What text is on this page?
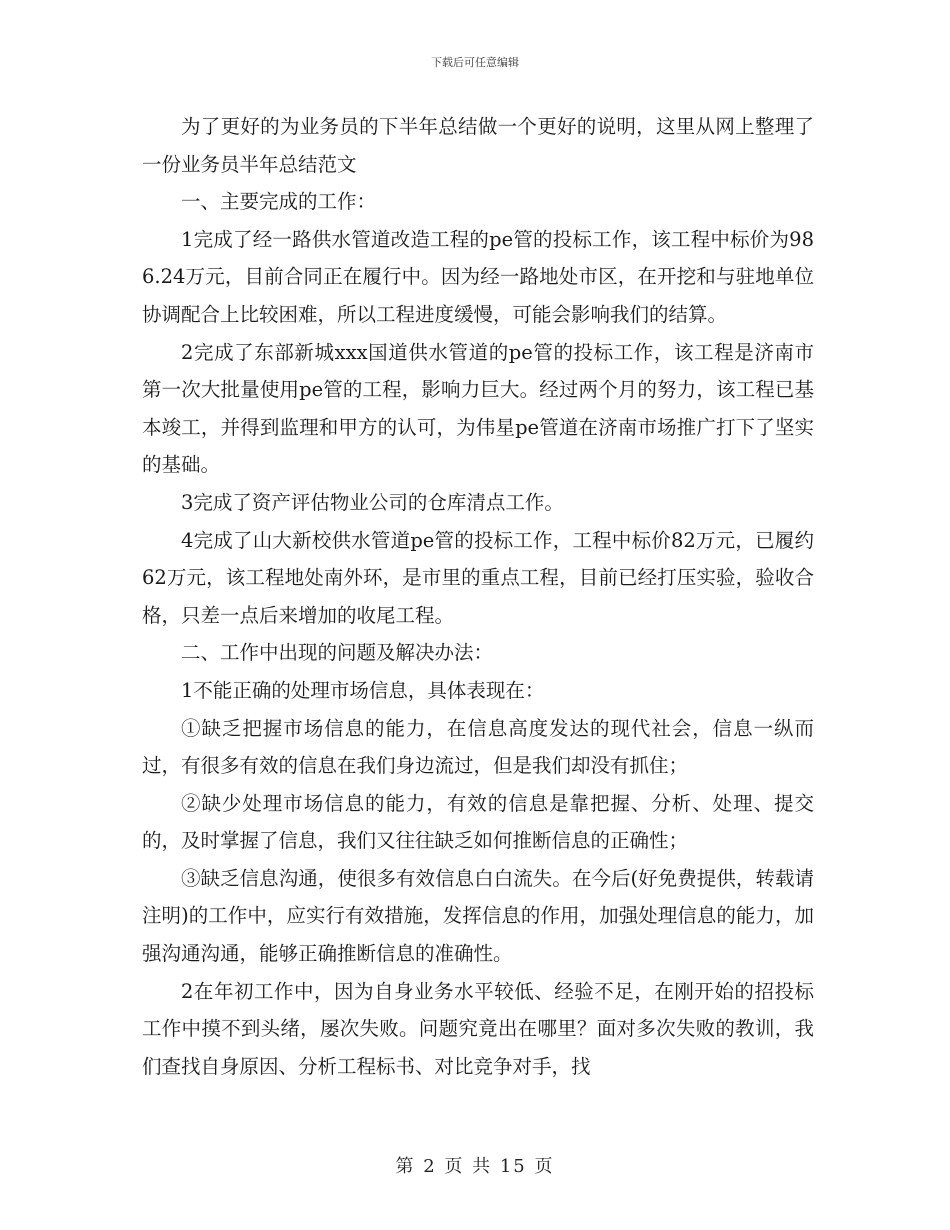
下载后可任意编辑

为了更好的为业务员的下半年总结做一个更好的说明，这里从网上整理了一份业务员半年总结范文

一、主要完成的工作：

1完成了经一路供水管道改造工程的pe管的投标工作，该工程中标价为986.24万元，目前合同正在履行中。因为经一路地处市区，在开挖和与驻地单位协调配合上比较困难，所以工程进度缓慢，可能会影响我们的结算。

2完成了东部新城xxx国道供水管道的pe管的投标工作，该工程是济南市第一次大批量使用pe管的工程，影响力巨大。经过两个月的努力，该工程已基本竣工，并得到监理和甲方的认可，为伟星pe管道在济南市场推广打下了坚实的基础。

3完成了资产评估物业公司的仓库清点工作。

4完成了山大新校供水管道pe管的投标工作，工程中标价82万元，已履约62万元，该工程地处南外环，是市里的重点工程，目前已经打压实验，验收合格，只差一点后来增加的收尾工程。

二、工作中出现的问题及解决办法：

1不能正确的处理市场信息，具体表现在：

①缺乏把握市场信息的能力，在信息高度发达的现代社会，信息一纵而过，有很多有效的信息在我们身边流过，但是我们却没有抓住；

②缺少处理市场信息的能力，有效的信息是靠把握、分析、处理、提交的，及时掌握了信息，我们又往往缺乏如何推断信息的正确性；

③缺乏信息沟通，使很多有效信息白白流失。在今后(好免费提供，转载请注明)的工作中，应实行有效措施，发挥信息的作用，加强处理信息的能力，加强沟通沟通，能够正确推断信息的准确性。

2在年初工作中，因为自身业务水平较低、经验不足，在刚开始的招投标工作中摸不到头绪，屡次失败。问题究竟出在哪里？面对多次失败的教训，我们查找自身原因、分析工程标书、对比竞争对手，找

第 2 页 共 15 页
